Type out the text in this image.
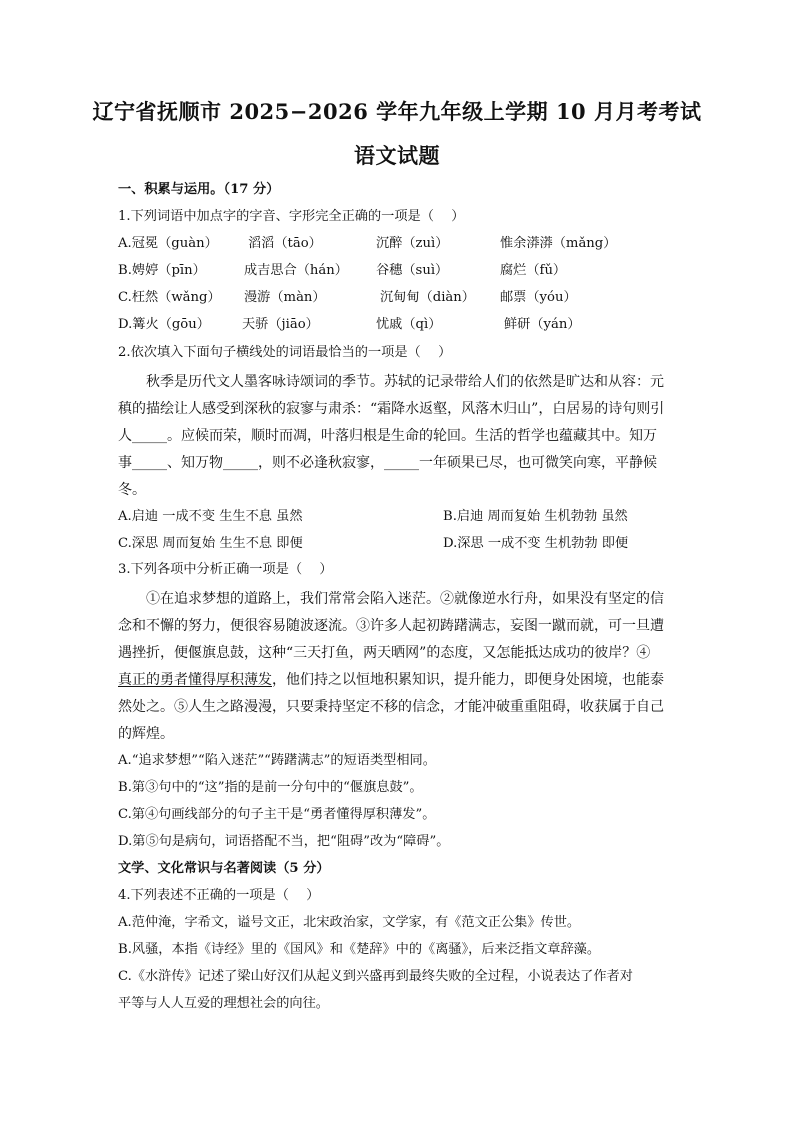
辽宁省抚顺市 2025−2026 学年九年级上学期 10 月月考考试
语文试题
一、积累与运用。（17 分）
1.下列词语中加点字的字音、字形完全正确的一项是（　 ）
A.冠冕（guàn） 滔滔（tāo）	沉醉（zuì）	惟余漭漭（mǎng）
B.娉婷（pīn）	成吉思合（hán） 谷穗（suì）	腐烂（fǔ）
C.枉然（wǎng） 漫游（màn）	沉甸甸（diàn） 邮票（yóu）
D.篝火（gōu） 天骄（jiāo）	忧戚（qì）	鲜研（yán）
2.依次填入下面句子横线处的词语最恰当的一项是（　 ）
秋季是历代文人墨客咏诗颂词的季节。苏轼的记录带给人们的依然是旷达和从容：元
稹的描绘让人感受到深秋的寂寥与肃杀：“霜降水返壑，风落木归山”，白居易的诗句则引
人_____。应候而荣，顺时而凋，叶落归根是生命的轮回。生活的哲学也蕴藏其中。知万
事_____、知万物_____，则不必逢秋寂寥，_____一年硕果已尽，也可微笑向寒，平静候
冬。
A.启迪 一成不变 生生不息 虽然	B.启迪 周而复始 生机勃勃 虽然
C.深思 周而复始 生生不息 即便	D.深思 一成不变 生机勃勃 即便
3.下列各项中分析正确一项是（　 ）
①在追求梦想的道路上，我们常常会陷入迷茫。②就像逆水行舟，如果没有坚定的信
念和不懈的努力，便很容易随波逐流。③许多人起初踌躇满志，妄图一蹴而就，可一旦遭
遇挫折，便偃旗息鼓，这种“三天打鱼，两天晒网”的态度，又怎能抵达成功的彼岸？④
真正的勇者懂得厚积薄发，他们持之以恒地积累知识，提升能力，即便身处困境，也能泰
然处之。⑤人生之路漫漫，只要秉持坚定不移的信念，才能冲破重重阻碍，收获属于自己
的辉煌。
A.“追求梦想”“陷入迷茫”“踌躇满志”的短语类型相同。
B.第③句中的“这”指的是前一分句中的“偃旗息鼓”。
C.第④句画线部分的句子主干是“勇者懂得厚积薄发”。
D.第⑤句是病句，词语搭配不当，把“阻碍”改为“障碍”。
文学、文化常识与名著阅读（5 分）
4.下列表述不正确的一项是（　 ）
A.范仲淹，字希文，谥号文正，北宋政治家，文学家，有《范文正公集》传世。
B.风骚，本指《诗经》里的《国风》和《楚辞》中的《离骚》，后来泛指文章辞藻。
C.《水浒传》记述了梁山好汉们从起义到兴盛再到最终失败的全过程，小说表达了作者对
平等与人人互爱的理想社会的向往。
